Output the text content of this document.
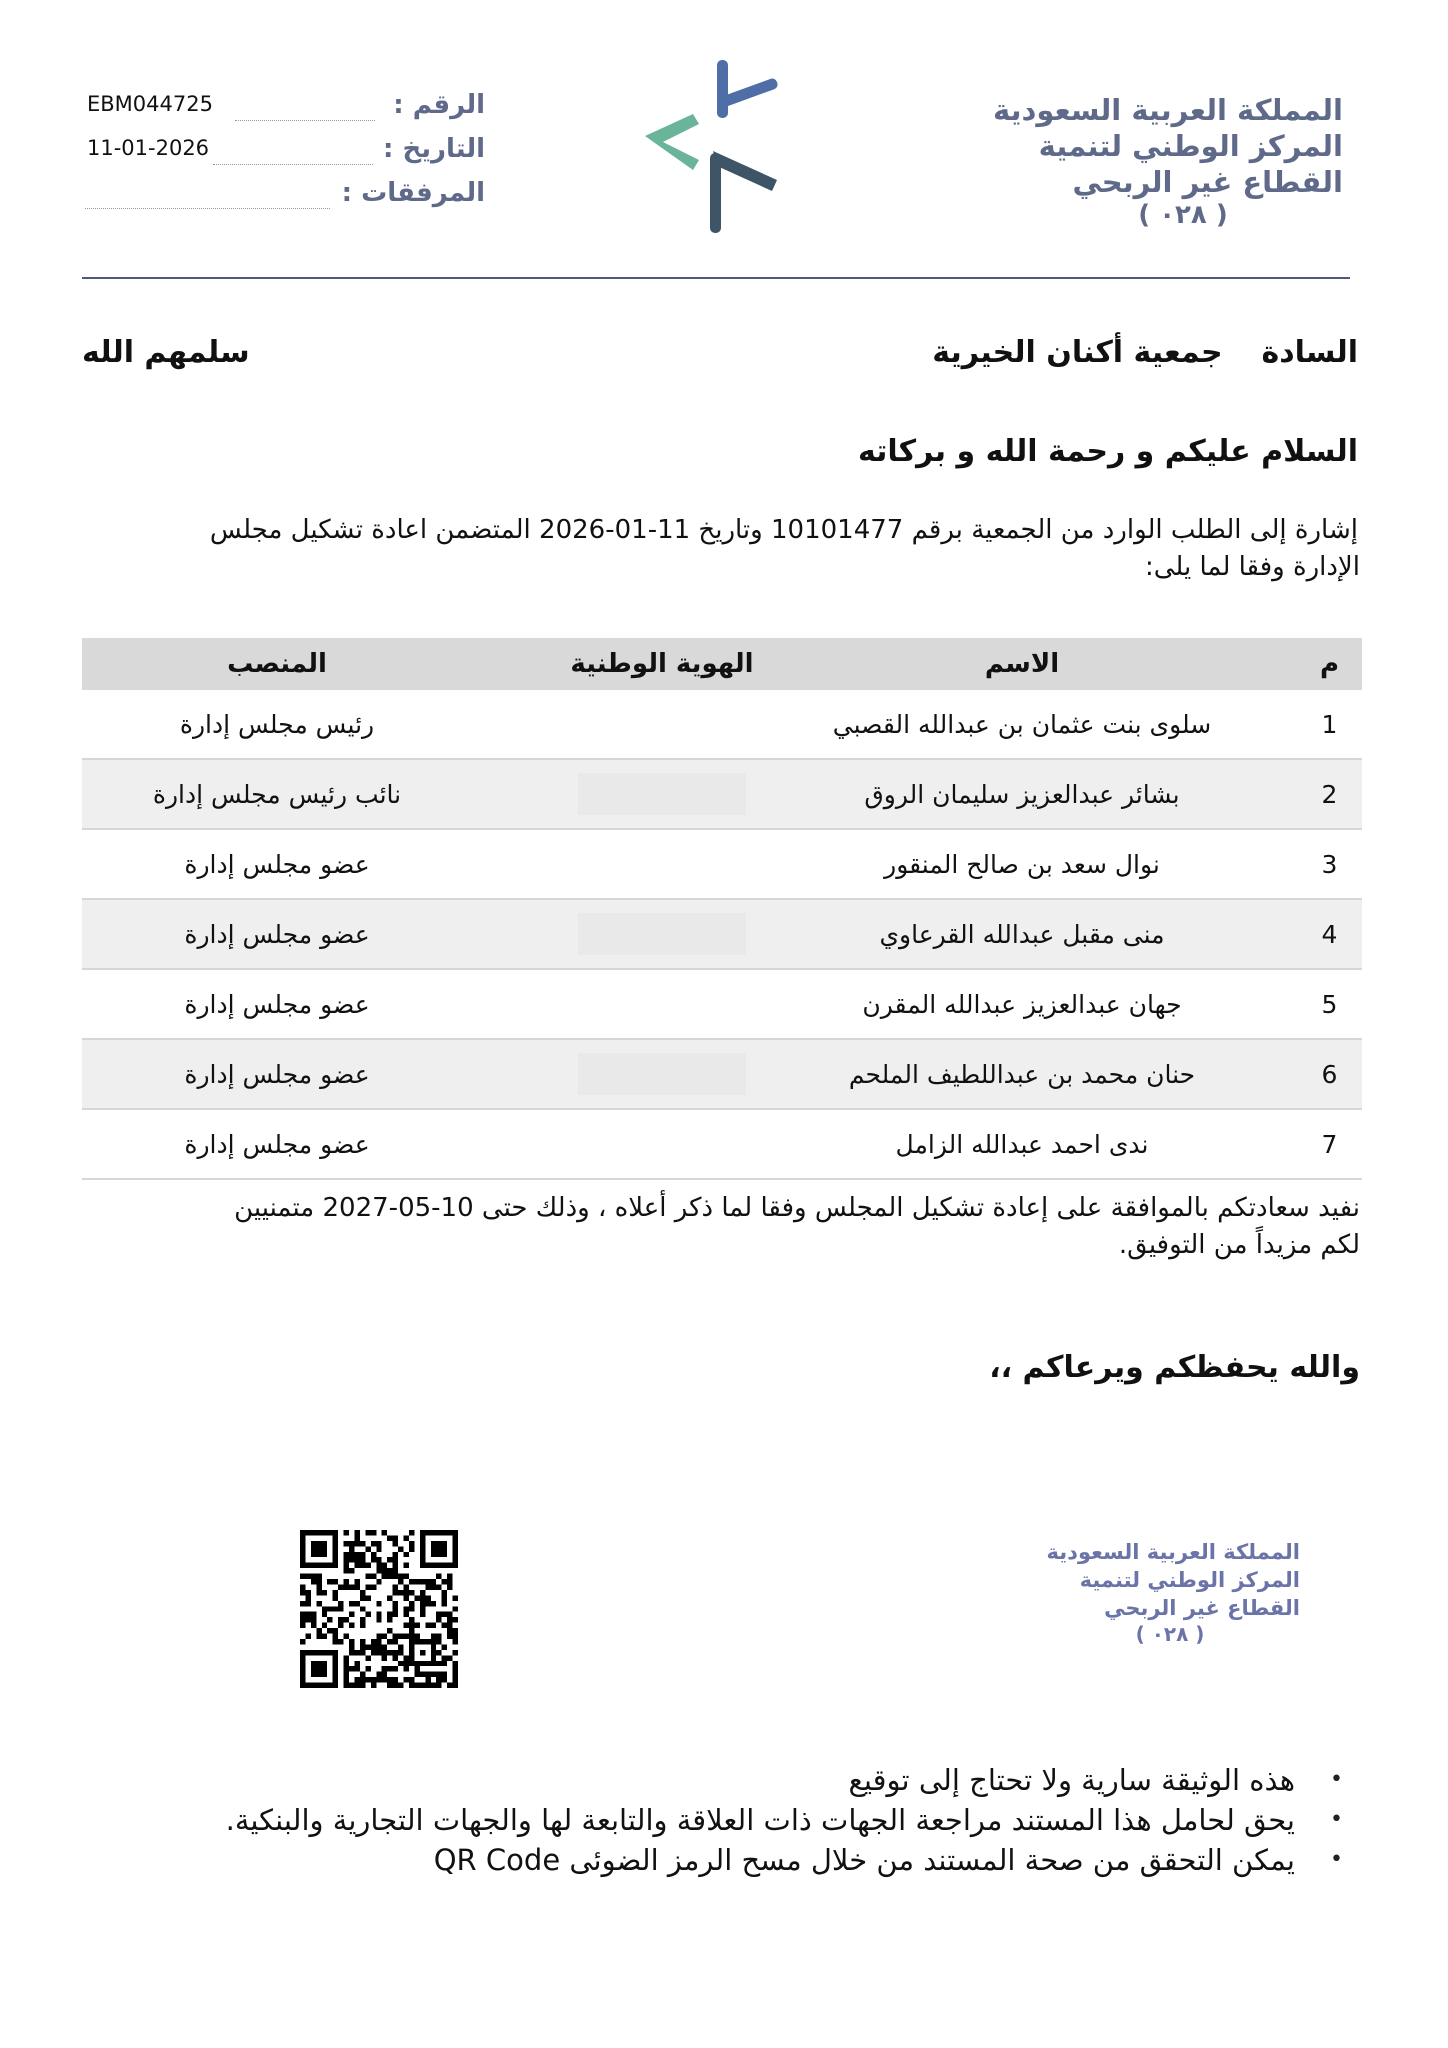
المملكة العربية السعودية
المركز الوطني لتنمية
القطاع غير الربحي
( ٠٢٨ )
EBM044725	الرقم :
11-01-2026	التاريخ :
المرفقات :
السادة  جمعية أكنان الخيرية
سلمهم الله
السلام عليكم و رحمة الله و بركاته
إشارة إلى الطلب الوارد من الجمعية برقم 10101477 وتاريخ 11-01-2026 المتضمن اعادة تشكيل مجلس
الإدارة وفقا لما يلى:
م
الاسم
الهوية الوطنية
المنصب
1
سلوى بنت عثمان بن عبدالله القصبي
رئيس مجلس إدارة
2
بشائر عبدالعزيز سليمان الروق
نائب رئيس مجلس إدارة
3
نوال سعد بن صالح المنقور
عضو مجلس إدارة
4
منى مقبل عبدالله القرعاوي
عضو مجلس إدارة
5
جهان عبدالعزيز عبدالله المقرن
عضو مجلس إدارة
6
حنان محمد بن عبداللطيف الملحم
عضو مجلس إدارة
7
ندى احمد عبدالله الزامل
عضو مجلس إدارة
نفيد سعادتكم بالموافقة على إعادة تشكيل المجلس وفقا لما ذكر أعلاه ، وذلك حتى 10-05-2027 متمنيين
لكم مزيداً من التوفيق.
والله يحفظكم ويرعاكم ،،
المملكة العربية السعودية
المركز الوطني لتنمية
القطاع غير الربحي
( ٠٢٨ )
• هذه الوثيقة سارية ولا تحتاج إلى توقيع
• يحق لحامل هذا المستند مراجعة الجهات ذات العلاقة والتابعة لها والجهات التجارية والبنكية.
• يمكن التحقق من صحة المستند من خلال مسح الرمز الضوئى QR Code
